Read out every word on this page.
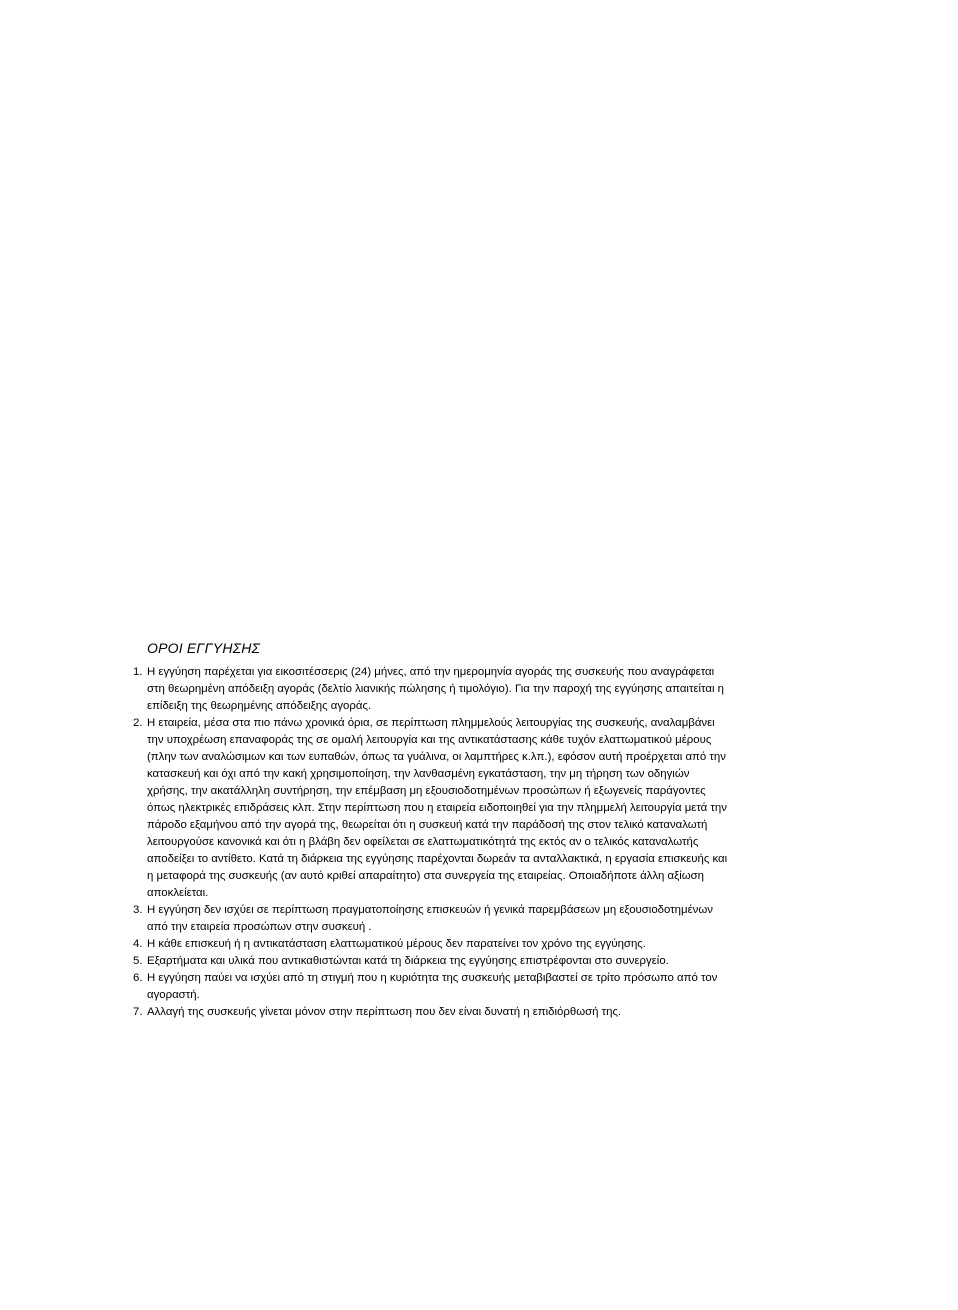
ΟΡΟΙ ΕΓΓΥΗΣΗΣ
1. Η εγγύηση παρέχεται για εικοσιτέσσερις (24) μήνες, από την ημερομηνία αγοράς της συσκευής που αναγράφεται στη θεωρημένη απόδειξη αγοράς (δελτίο λιανικής πώλησης ή τιμολόγιο). Για την παροχή της εγγύησης απαιτείται η επίδειξη της θεωρημένης απόδειξης αγοράς.
2. Η εταιρεία, μέσα στα πιο πάνω χρονικά όρια, σε περίπτωση πλημμελούς λειτουργίας της συσκευής, αναλαμβάνει την υποχρέωση επαναφοράς της σε ομαλή λειτουργία και της αντικατάστασης κάθε τυχόν ελαττωματικού μέρους (πλην των αναλώσιμων και των ευπαθών, όπως τα γυάλινα, οι λαμπτήρες κ.λπ.), εφόσον αυτή προέρχεται από την κατασκευή και όχι από την κακή χρησιμοποίηση, την λανθασμένη εγκατάσταση, την μη τήρηση των οδηγιών χρήσης, την ακατάλληλη συντήρηση, την επέμβαση μη εξουσιοδοτημένων προσώπων ή εξωγενείς παράγοντες όπως ηλεκτρικές επιδράσεις κλπ. Στην περίπτωση που η εταιρεία ειδοποιηθεί για την πλημμελή λειτουργία μετά την πάροδο εξαμήνου από την αγορά της, θεωρείται ότι η συσκευή κατά την παράδοσή της στον τελικό καταναλωτή λειτουργούσε κανονικά και ότι η βλάβη δεν οφείλεται σε ελαττωματικότητά της εκτός αν ο τελικός καταναλωτής αποδείξει το αντίθετο. Κατά τη διάρκεια της εγγύησης παρέχονται δωρεάν τα ανταλλακτικά, η εργασία επισκευής και η μεταφορά της συσκευής (αν αυτό κριθεί απαραίτητο) στα συνεργεία της εταιρείας. Οποιαδήποτε άλλη αξίωση αποκλείεται.
3. Η εγγύηση δεν ισχύει σε περίπτωση πραγματοποίησης επισκευών ή γενικά παρεμβάσεων μη εξουσιοδοτημένων από την εταιρεία προσώπων στην συσκευή .
4. Η κάθε επισκευή ή η αντικατάσταση ελαττωματικού μέρους δεν παρατείνει τον χρόνο της εγγύησης.
5. Εξαρτήματα και υλικά που αντικαθιστώνται κατά τη διάρκεια της εγγύησης επιστρέφονται στο συνεργείο.
6. Η εγγύηση παύει να ισχύει από τη στιγμή που η κυριότητα της συσκευής μεταβιβαστεί σε τρίτο πρόσωπο από τον αγοραστή.
7. Αλλαγή της συσκευής γίνεται μόνον στην περίπτωση που δεν είναι δυνατή η επιδιόρθωσή της.
